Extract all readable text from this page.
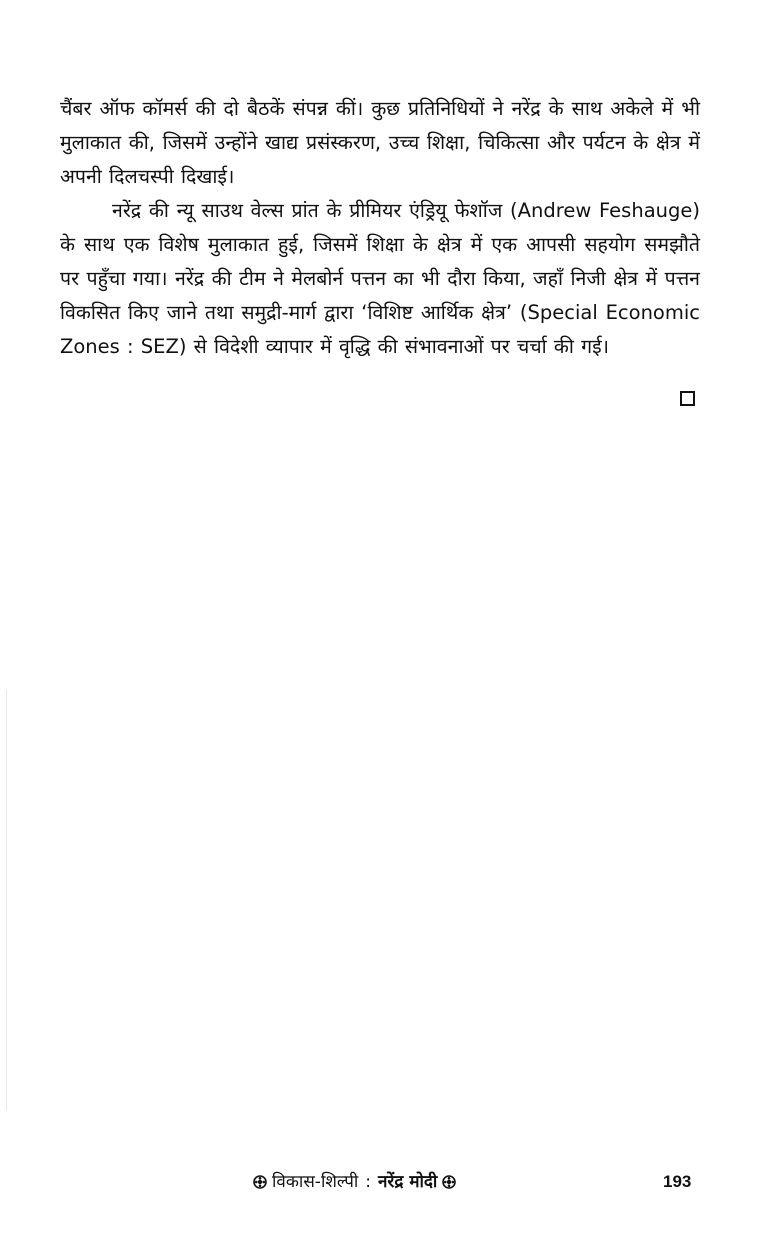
चैंबर ऑफ कॉमर्स की दो बैठकें संपन्न कीं। कुछ प्रतिनिधियों ने नरेंद्र के साथ अकेले में भी मुलाकात की, जिसमें उन्होंने खाद्य प्रसंस्करण, उच्च शिक्षा, चिकित्सा और पर्यटन के क्षेत्र में अपनी दिलचस्पी दिखाई।

नरेंद्र की न्यू साउथ वेल्स प्रांत के प्रीमियर एंड्रियू फेशॉज (Andrew Feshauge) के साथ एक विशेष मुलाकात हुई, जिसमें शिक्षा के क्षेत्र में एक आपसी सहयोग समझौते पर पहुँचा गया। नरेंद्र की टीम ने मेलबोर्न पत्तन का भी दौरा किया, जहाँ निजी क्षेत्र में पत्तन विकसित किए जाने तथा समुद्री-मार्ग द्वारा ‘विशिष्ट आर्थिक क्षेत्र’ (Special Economic Zones : SEZ) से विदेशी व्यापार में वृद्धि की संभावनाओं पर चर्चा की गई।

विकास-शिल्पी : नरेंद्र मोदी	193
